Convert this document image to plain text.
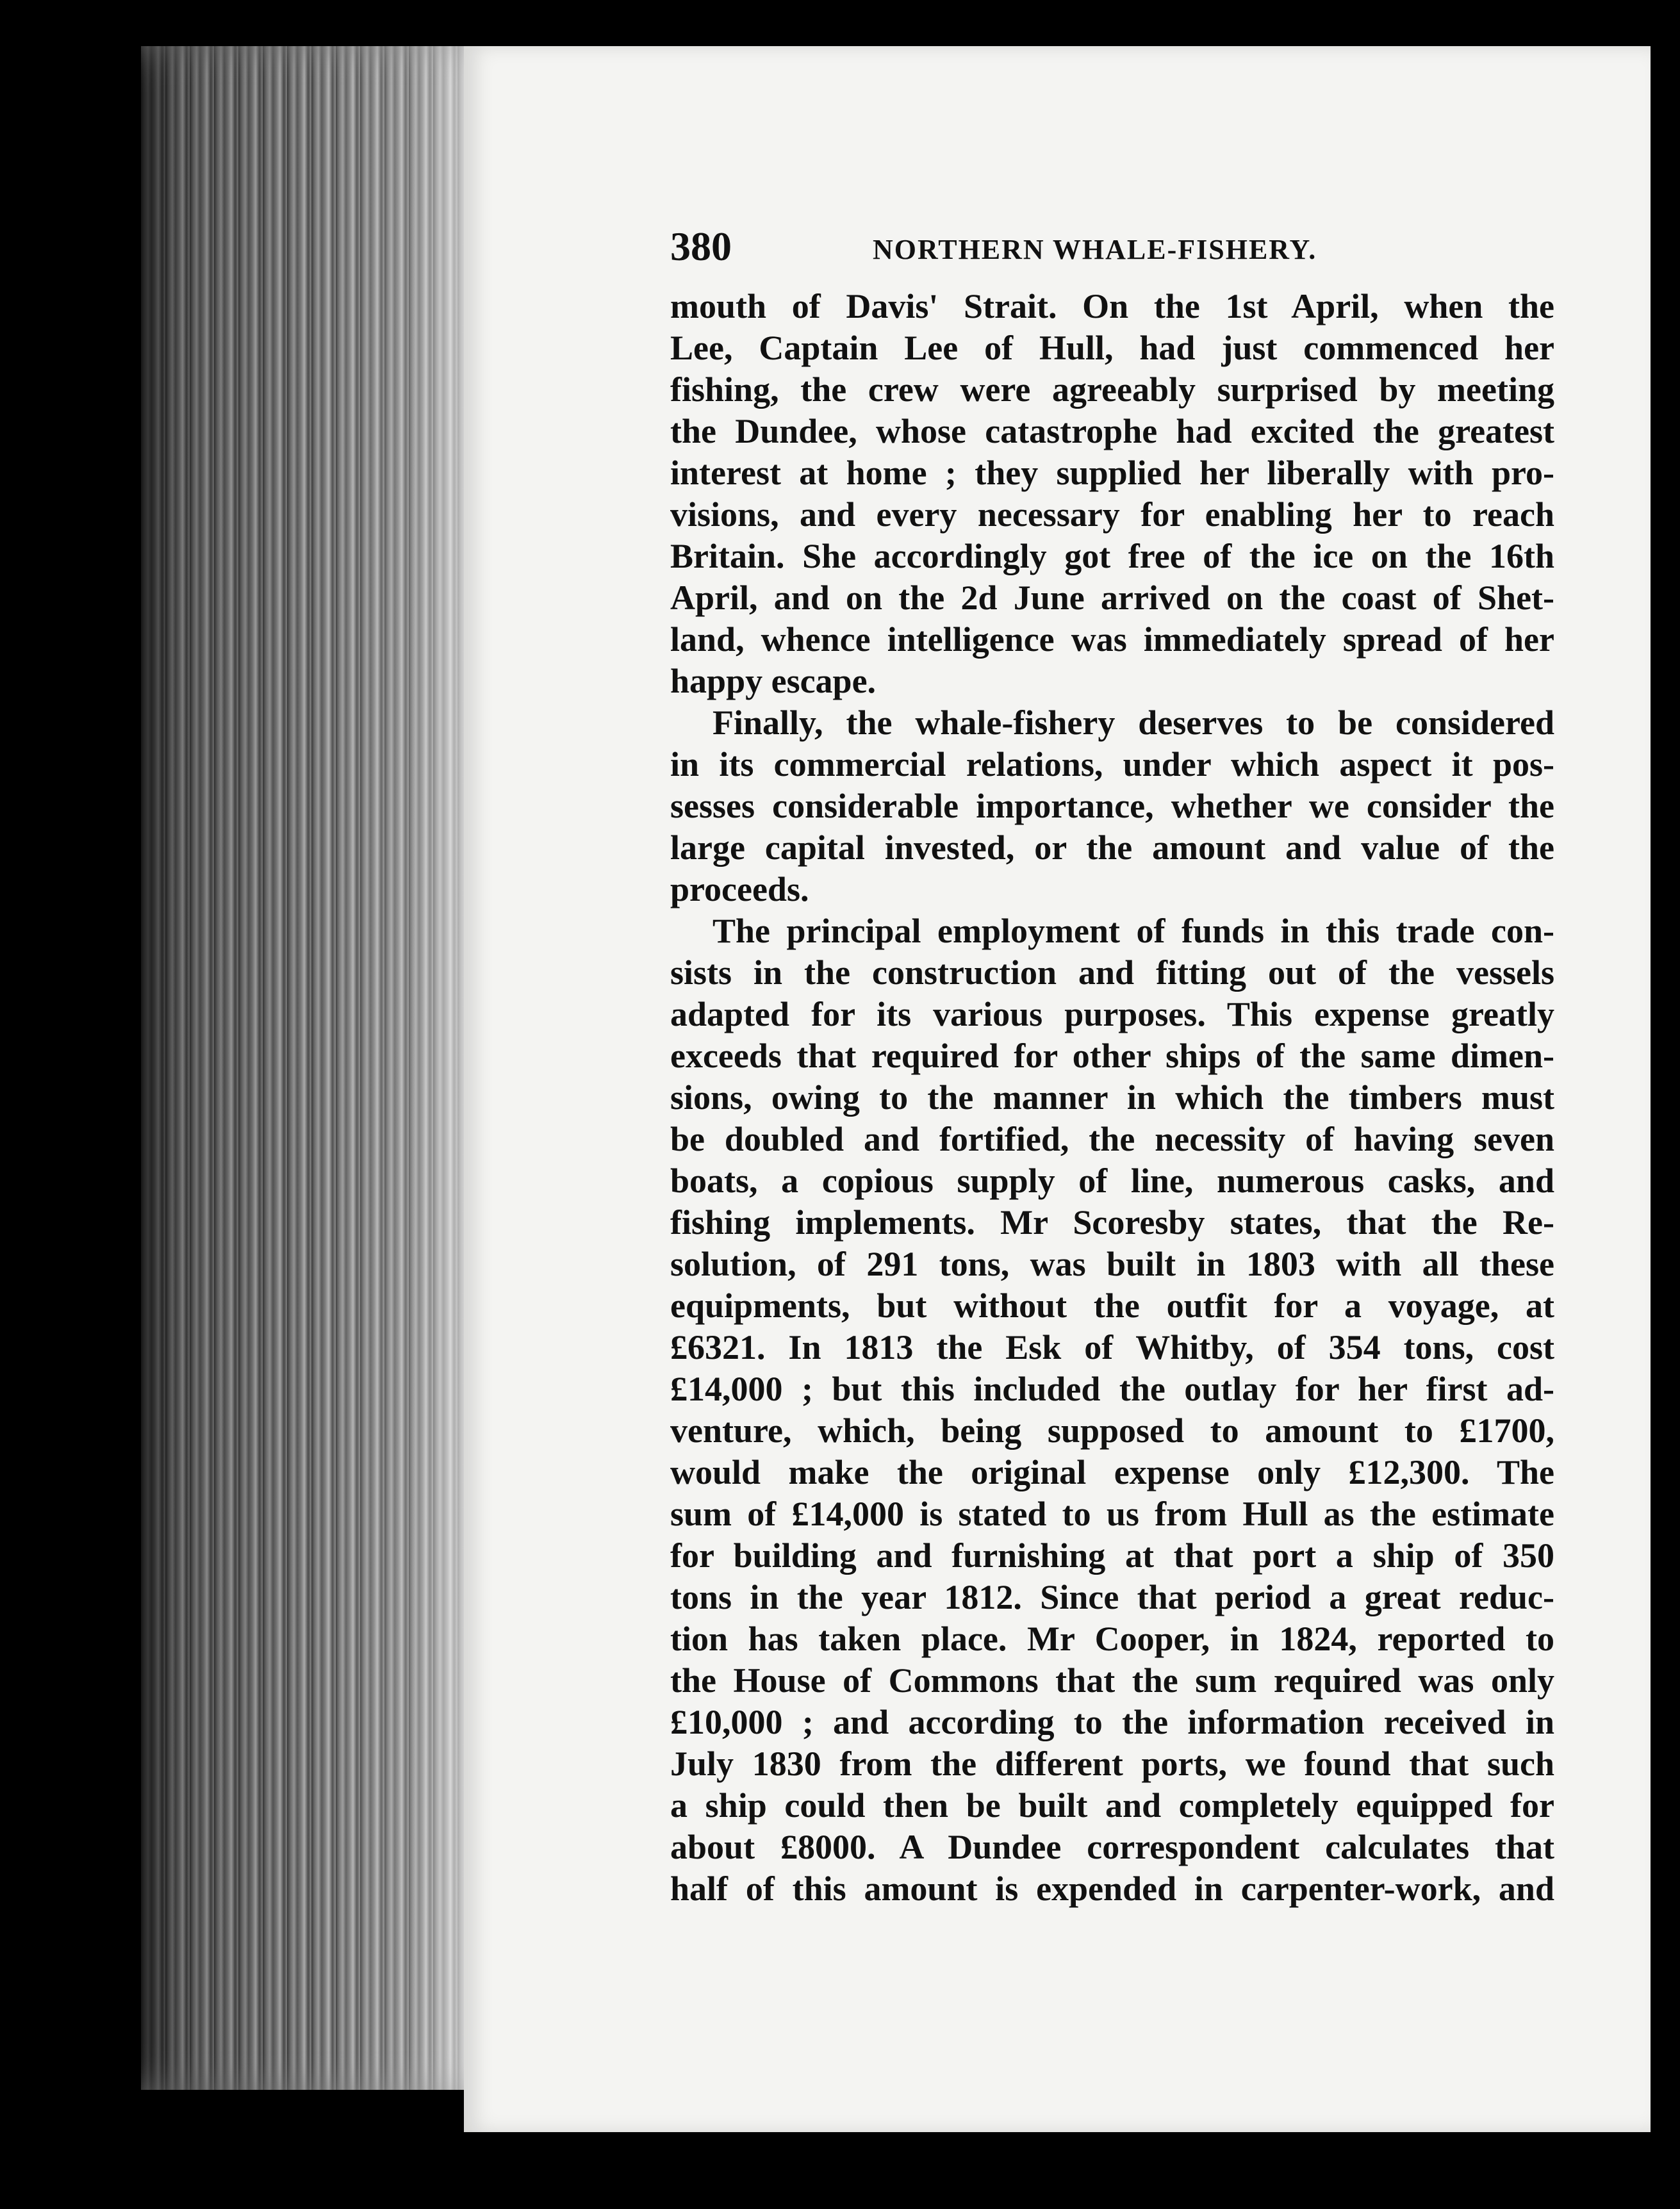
380	NORTHERN WHALE-FISHERY.
mouth of Davis' Strait. On the 1st April, when the
Lee, Captain Lee of Hull, had just commenced her
fishing, the crew were agreeably surprised by meeting
the Dundee, whose catastrophe had excited the greatest
interest at home ; they supplied her liberally with pro-
visions, and every necessary for enabling her to reach
Britain. She accordingly got free of the ice on the 16th
April, and on the 2d June arrived on the coast of Shet-
land, whence intelligence was immediately spread of her
happy escape.
Finally, the whale-fishery deserves to be considered
in its commercial relations, under which aspect it pos-
sesses considerable importance, whether we consider the
large capital invested, or the amount and value of the
proceeds.
The principal employment of funds in this trade con-
sists in the construction and fitting out of the vessels
adapted for its various purposes. This expense greatly
exceeds that required for other ships of the same dimen-
sions, owing to the manner in which the timbers must
be doubled and fortified, the necessity of having seven
boats, a copious supply of line, numerous casks, and
fishing implements. Mr Scoresby states, that the Re-
solution, of 291 tons, was built in 1803 with all these
equipments, but without the outfit for a voyage, at
£6321. In 1813 the Esk of Whitby, of 354 tons, cost
£14,000 ; but this included the outlay for her first ad-
venture, which, being supposed to amount to £1700,
would make the original expense only £12,300. The
sum of £14,000 is stated to us from Hull as the estimate
for building and furnishing at that port a ship of 350
tons in the year 1812. Since that period a great reduc-
tion has taken place. Mr Cooper, in 1824, reported to
the House of Commons that the sum required was only
£10,000 ; and according to the information received in
July 1830 from the different ports, we found that such
a ship could then be built and completely equipped for
about £8000. A Dundee correspondent calculates that
half of this amount is expended in carpenter-work, and
